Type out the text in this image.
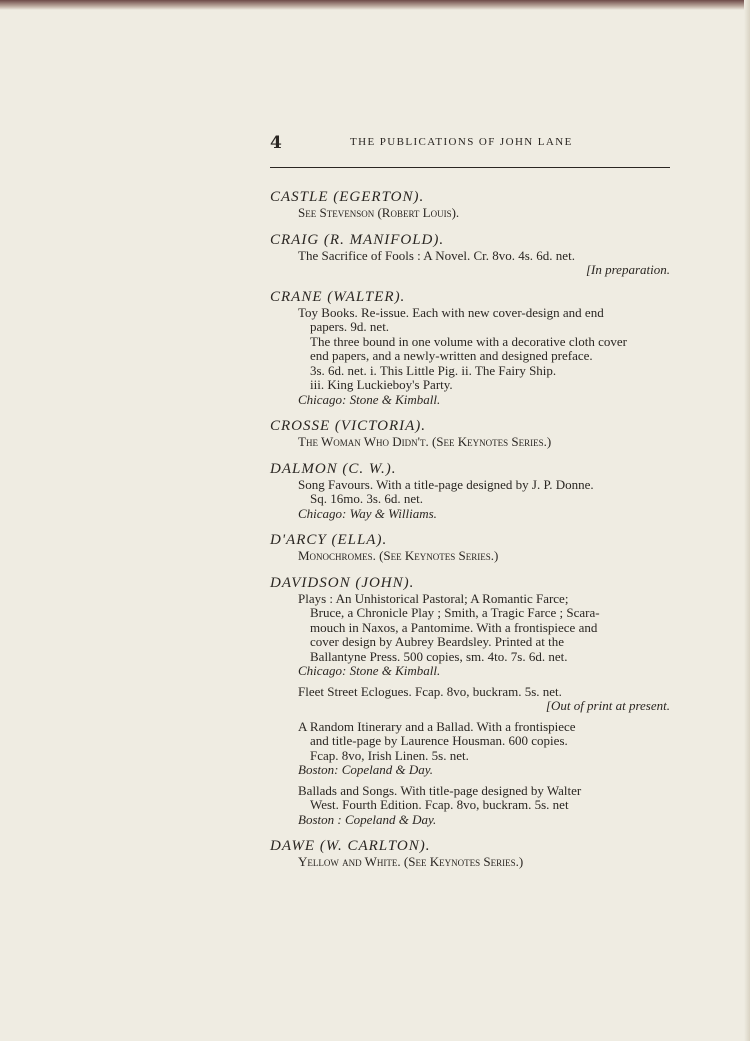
4	THE PUBLICATIONS OF JOHN LANE
CASTLE (EGERTON).
See Stevenson (Robert Louis).
CRAIG (R. MANIFOLD).
The Sacrifice of Fools : A Novel. Cr. 8vo. 4s. 6d. net.
[In preparation.
CRANE (WALTER).
Toy Books. Re-issue. Each with new cover-design and end
papers. 9d. net.
The three bound in one volume with a decorative cloth cover
end papers, and a newly-written and designed preface.
3s. 6d. net. i. This Little Pig. ii. The Fairy Ship.
iii. King Luckieboy's Party.
Chicago: Stone & Kimball.
CROSSE (VICTORIA).
The Woman Who Didn't. (See Keynotes Series.)
DALMON (C. W.).
Song Favours. With a title-page designed by J. P. Donne.
Sq. 16mo. 3s. 6d. net.
Chicago: Way & Williams.
D'ARCY (ELLA).
Monochromes. (See Keynotes Series.)
DAVIDSON (JOHN).
Plays : An Unhistorical Pastoral; A Romantic Farce;
Bruce, a Chronicle Play ; Smith, a Tragic Farce ; Scara-
mouch in Naxos, a Pantomime. With a frontispiece and
cover design by Aubrey Beardsley. Printed at the
Ballantyne Press. 500 copies, sm. 4to. 7s. 6d. net.
Chicago: Stone & Kimball.
Fleet Street Eclogues. Fcap. 8vo, buckram. 5s. net.
[Out of print at present.
A Random Itinerary and a Ballad. With a frontispiece
and title-page by Laurence Housman. 600 copies.
Fcap. 8vo, Irish Linen. 5s. net.
Boston: Copeland & Day.
Ballads and Songs. With title-page designed by Walter
West. Fourth Edition. Fcap. 8vo, buckram. 5s. net
Boston : Copeland & Day.
DAWE (W. CARLTON).
Yellow and White. (See Keynotes Series.)
